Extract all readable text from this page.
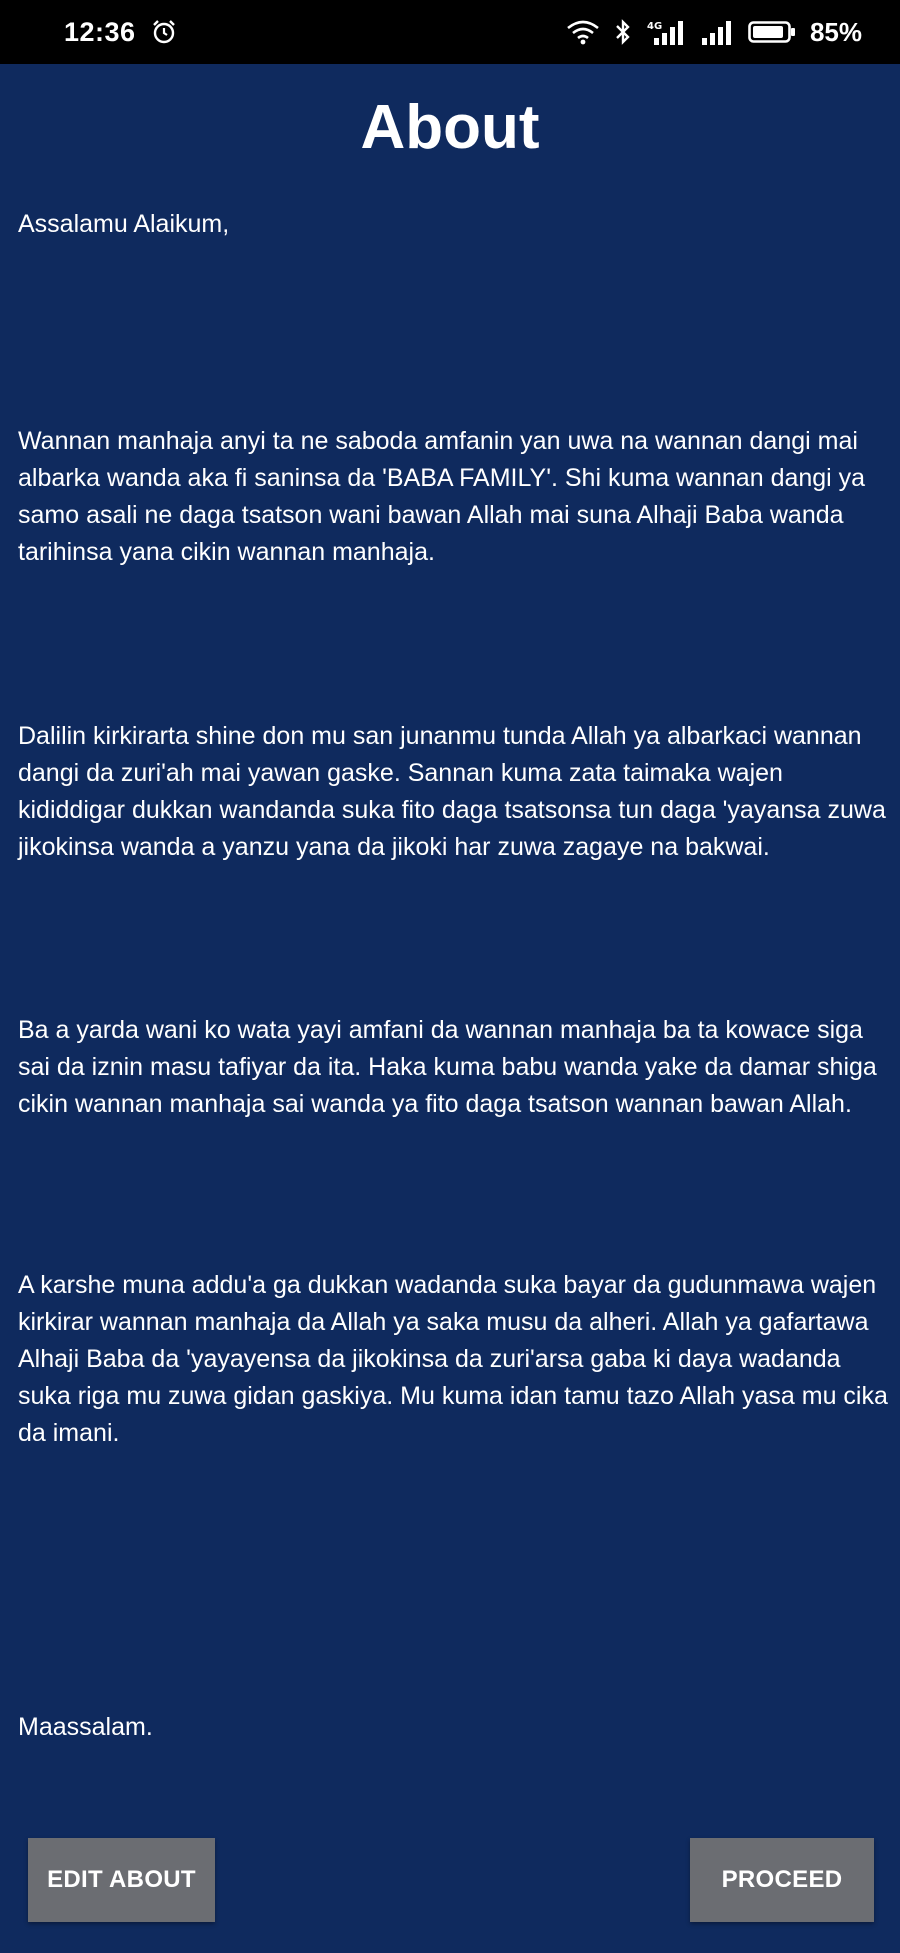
12:36	4G	85%
About

Assalamu Alaikum,

Wannan manhaja anyi ta ne saboda amfanin yan uwa na wannan dangi mai albarka wanda aka fi saninsa da 'BABA FAMILY'. Shi kuma wannan dangi ya samo asali ne daga tsatson wani bawan Allah mai suna Alhaji Baba wanda tarihinsa yana cikin wannan manhaja.

Dalilin kirkirarta shine don mu san junanmu tunda Allah ya albarkaci wannan dangi da zuri'ah mai yawan gaske. Sannan kuma zata taimaka wajen kididdigar dukkan wandanda suka fito daga tsatsonsa tun daga 'yayansa zuwa jikokinsa wanda a yanzu yana da jikoki har zuwa zagaye na bakwai.

Ba a yarda wani ko wata yayi amfani da wannan manhaja ba ta kowace siga sai da iznin masu tafiyar da ita. Haka kuma babu wanda yake da damar shiga cikin wannan manhaja sai wanda ya fito daga tsatson wannan bawan Allah.

A karshe muna addu'a ga dukkan wadanda suka bayar da gudunmawa wajen kirkirar wannan manhaja da Allah ya saka musu da alheri. Allah ya gafartawa Alhaji Baba da 'yayayensa da jikokinsa da zuri'arsa gaba ki daya wadanda suka riga mu zuwa gidan gaskiya. Mu kuma idan tamu tazo Allah yasa mu cika da imani.

Maassalam.

EDIT ABOUT	PROCEED
